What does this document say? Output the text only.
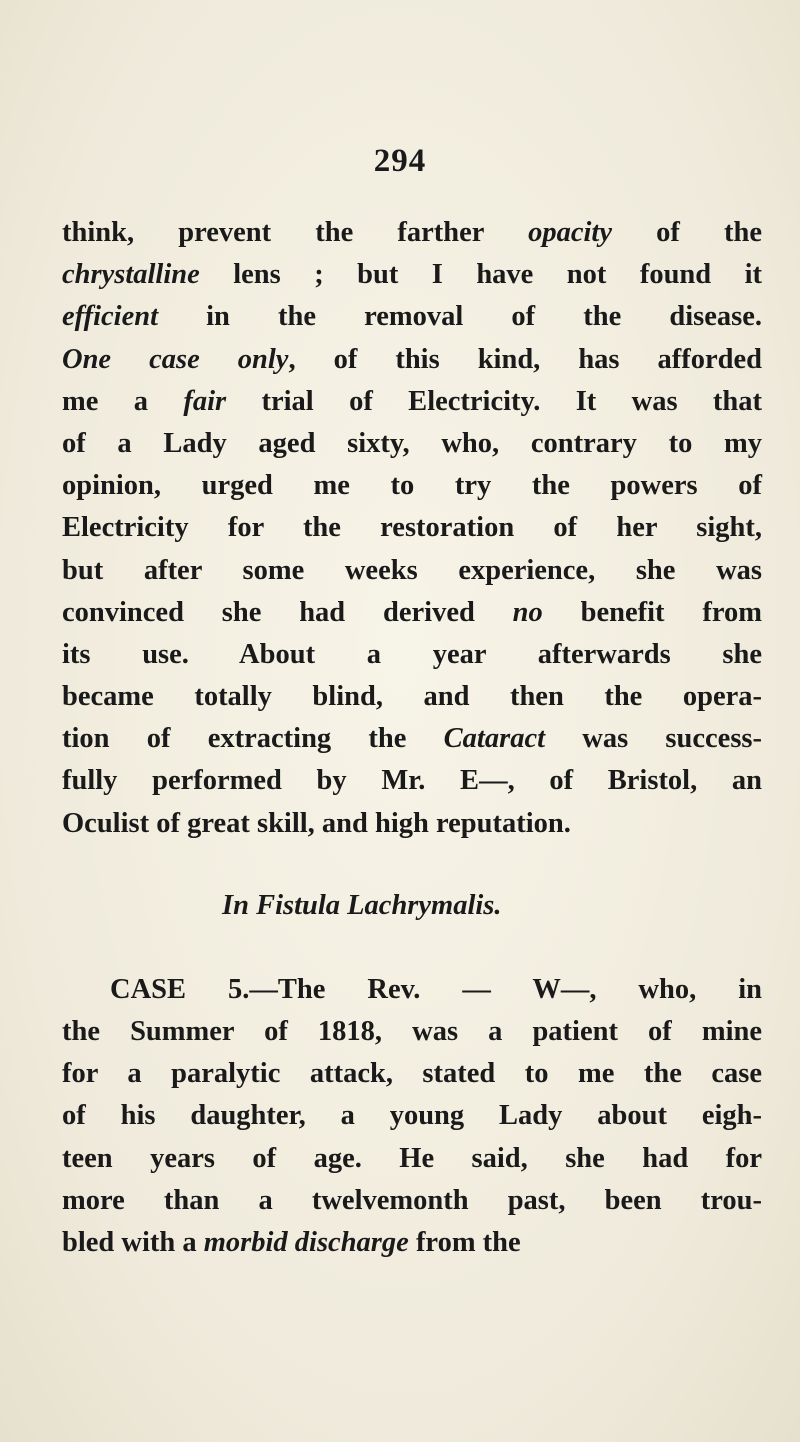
294
think, prevent the farther opacity of the
chrystalline lens ; but I have not found it
efficient in the removal of the disease.
One case only, of this kind, has afforded
me a fair trial of Electricity. It was that
of a Lady aged sixty, who, contrary to my
opinion, urged me to try the powers of
Electricity for the restoration of her sight,
but after some weeks experience, she was
convinced she had derived no benefit from
its use. About a year afterwards she
became totally blind, and then the opera-
tion of extracting the Cataract was success-
fully performed by Mr. E—, of Bristol, an
Oculist of great skill, and high reputation.
In Fistula Lachrymalis.
CASE 5.—The Rev. — W—, who, in
the Summer of 1818, was a patient of mine
for a paralytic attack, stated to me the case
of his daughter, a young Lady about eigh-
teen years of age. He said, she had for
more than a twelvemonth past, been trou-
bled with a morbid discharge from the
